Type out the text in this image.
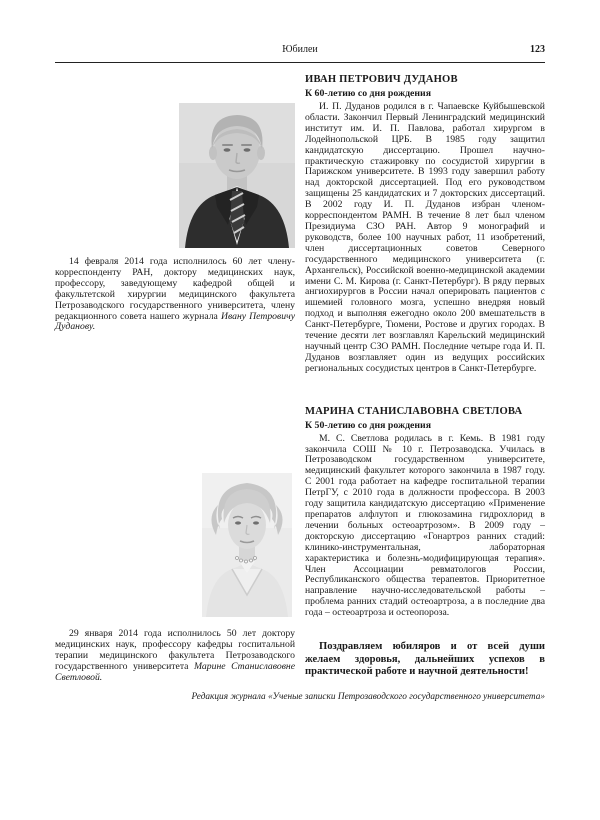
Юбилеи	123

14 февраля 2014 года исполнилось 60 лет члену-корреспонденту РАН, доктору медицинских наук, профессору, заведующему кафедрой общей и факультетской хирургии медицинского факультета Петрозаводского государственного университета, члену редакционного совета нашего журнала Ивану Петровичу Дуданову.

29 января 2014 года исполнилось 50 лет доктору медицинских наук, профессору кафедры госпитальной терапии медицинского факультета Петрозаводского государственного университета Марине Станиславовне Светловой.

ИВАН ПЕТРОВИЧ ДУДАНОВ
К 60-летию со дня рождения

И. П. Дуданов родился в г. Чапаевске Куйбышевской области. Закончил Первый Ленинградский медицинский институт им. И. П. Павлова, работал хирургом в Лодейнопольской ЦРБ. В 1985 году защитил кандидатскую диссертацию. Прошел научно-практическую стажировку по сосудистой хирургии в Парижском университете. В 1993 году завершил работу над докторской диссертацией. Под его руководством защищены 25 кандидатских и 7 докторских диссертаций. В 2002 году И. П. Дуданов избран членом-корреспондентом РАМН. В течение 8 лет был членом Президиума СЗО РАН. Автор 9 монографий и руководств, более 100 научных работ, 11 изобретений, член диссертационных советов Северного государственного медицинского университета (г. Архангельск), Российской военно-медицинской академии имени С. М. Кирова (г. Санкт-Петербург). В ряду первых ангиохирургов в России начал оперировать пациентов с ишемией головного мозга, успешно внедряя новый подход и выполняя ежегодно около 200 вмешательств в Санкт-Петербурге, Тюмени, Ростове и других городах. В течение десяти лет возглавлял Карельский медицинский научный центр СЗО РАМН. Последние четыре года И. П. Дуданов возглавляет один из ведущих российских региональных сосудистых центров в Санкт-Петербурге.

МАРИНА СТАНИСЛАВОВНА СВЕТЛОВА
К 50-летию со дня рождения

М. С. Светлова родилась в г. Кемь. В 1981 году закончила СОШ № 10 г. Петрозаводска. Училась в Петрозаводском государственном университете, медицинский факультет которого закончила в 1987 году. С 2001 года работает на кафедре госпитальной терапии ПетрГУ, с 2010 года в должности профессора. В 2003 году защитила кандидатскую диссертацию «Применение препаратов алфлутоп и глюкозамина гидрохлорид в лечении больных остеоартрозом». В 2009 году – докторскую диссертацию «Гонартроз ранних стадий: клинико-инструментальная, лабораторная характеристика и болезнь-модифицирующая терапия». Член Ассоциации ревматологов России, Республиканского общества терапевтов. Приоритетное направление научно-исследовательской работы – проблема ранних стадий остеоартроза, а в последние два года – остеоартроза и остеопороза.

Поздравляем юбиляров и от всей души желаем здоровья, дальнейших успехов в практической работе и научной деятельности!

Редакция журнала «Ученые записки Петрозаводского государственного университета»
